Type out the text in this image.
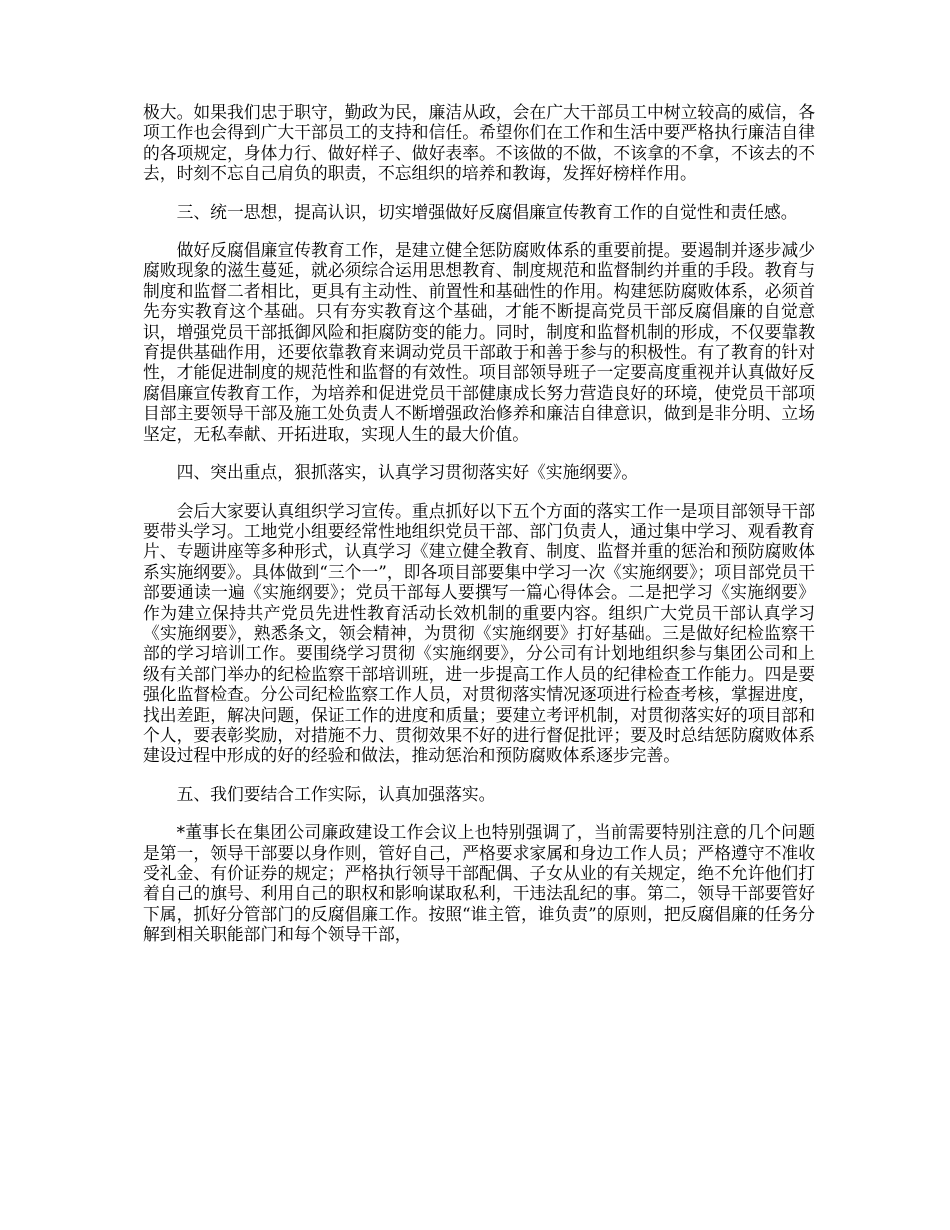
极大。如果我们忠于职守，勤政为民，廉洁从政，会在广大干部员工中树立较高的威信，各项工作也会得到广大干部员工的支持和信任。希望你们在工作和生活中要严格执行廉洁自律的各项规定，身体力行、做好样子、做好表率。不该做的不做，不该拿的不拿，不该去的不去，时刻不忘自己肩负的职责，不忘组织的培养和教诲，发挥好榜样作用。

三、统一思想，提高认识，切实增强做好反腐倡廉宣传教育工作的自觉性和责任感。

做好反腐倡廉宣传教育工作，是建立健全惩防腐败体系的重要前提。要遏制并逐步减少腐败现象的滋生蔓延，就必须综合运用思想教育、制度规范和监督制约并重的手段。教育与制度和监督二者相比，更具有主动性、前置性和基础性的作用。构建惩防腐败体系，必须首先夯实教育这个基础。只有夯实教育这个基础，才能不断提高党员干部反腐倡廉的自觉意识，增强党员干部抵御风险和拒腐防变的能力。同时，制度和监督机制的形成，不仅要靠教育提供基础作用，还要依靠教育来调动党员干部敢于和善于参与的积极性。有了教育的针对性，才能促进制度的规范性和监督的有效性。项目部领导班子一定要高度重视并认真做好反腐倡廉宣传教育工作，为培养和促进党员干部健康成长努力营造良好的环境，使党员干部项目部主要领导干部及施工处负责人不断增强政治修养和廉洁自律意识，做到是非分明、立场坚定，无私奉献、开拓进取，实现人生的最大价值。

四、突出重点，狠抓落实，认真学习贯彻落实好《实施纲要》。

会后大家要认真组织学习宣传。重点抓好以下五个方面的落实工作一是项目部领导干部要带头学习。工地党小组要经常性地组织党员干部、部门负责人，通过集中学习、观看教育片、专题讲座等多种形式，认真学习《建立健全教育、制度、监督并重的惩治和预防腐败体系实施纲要》。具体做到“三个一”，即各项目部要集中学习一次《实施纲要》；项目部党员干部要通读一遍《实施纲要》；党员干部每人要撰写一篇心得体会。二是把学习《实施纲要》作为建立保持共产党员先进性教育活动长效机制的重要内容。组织广大党员干部认真学习《实施纲要》，熟悉条文，领会精神，为贯彻《实施纲要》打好基础。三是做好纪检监察干部的学习培训工作。要围绕学习贯彻《实施纲要》，分公司有计划地组织参与集团公司和上级有关部门举办的纪检监察干部培训班，进一步提高工作人员的纪律检查工作能力。四是要强化监督检查。分公司纪检监察工作人员，对贯彻落实情况逐项进行检查考核，掌握进度，找出差距，解决问题，保证工作的进度和质量；要建立考评机制，对贯彻落实好的项目部和个人，要表彰奖励，对措施不力、贯彻效果不好的进行督促批评；要及时总结惩防腐败体系建设过程中形成的好的经验和做法，推动惩治和预防腐败体系逐步完善。

五、我们要结合工作实际，认真加强落实。

*董事长在集团公司廉政建设工作会议上也特别强调了，当前需要特别注意的几个问题是第一，领导干部要以身作则，管好自己，严格要求家属和身边工作人员；严格遵守不准收受礼金、有价证券的规定；严格执行领导干部配偶、子女从业的有关规定，绝不允许他们打着自己的旗号、利用自己的职权和影响谋取私利，干违法乱纪的事。第二，领导干部要管好下属，抓好分管部门的反腐倡廉工作。按照“谁主管，谁负责”的原则，把反腐倡廉的任务分解到相关职能部门和每个领导干部，
